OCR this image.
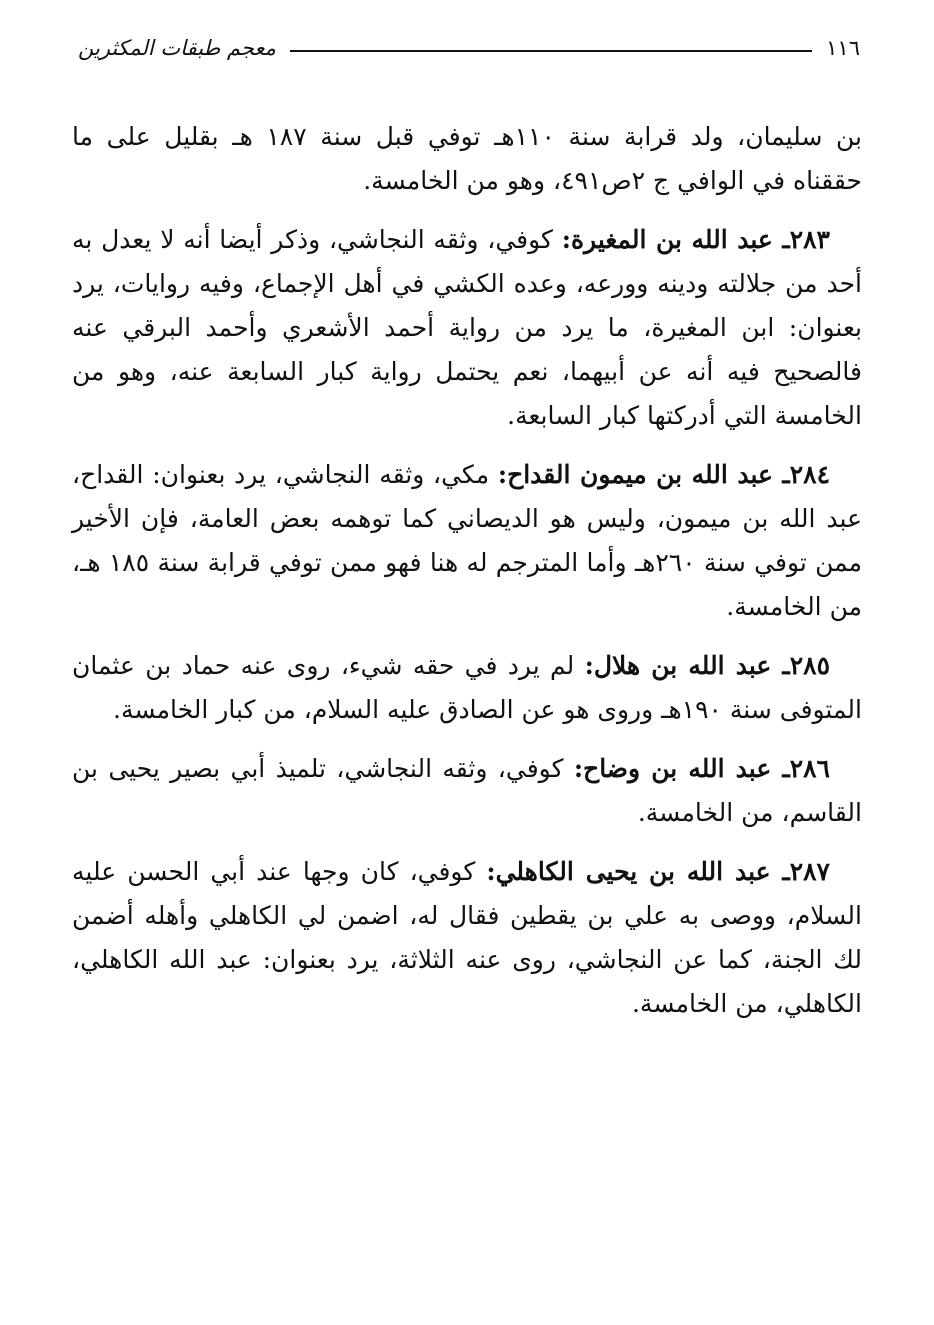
معجم طبقات المكثرين	١١٦

بن سليمان، ولد قرابة سنة ١١٠هـ توفي قبل سنة ١٨٧ هـ بقليل على ما حققناه في الوافي ج ٢ص٤٩١، وهو من الخامسة.

٢٨٣ـ عبد الله بن المغيرة: كوفي، وثقه النجاشي، وذكر أيضا أنه لا يعدل به أحد من جلالته ودينه وورعه، وعده الكشي في أهل الإجماع، وفيه روايات، يرد بعنوان: ابن المغيرة، ما يرد من رواية أحمد الأشعري وأحمد البرقي عنه فالصحيح فيه أنه عن أبيهما، نعم يحتمل رواية كبار السابعة عنه، وهو من الخامسة التي أدركتها كبار السابعة.

٢٨٤ـ عبد الله بن ميمون القداح: مكي، وثقه النجاشي، يرد بعنوان: القداح، عبد الله بن ميمون، وليس هو الديصاني كما توهمه بعض العامة، فإن الأخير ممن توفي سنة ٢٦٠هـ وأما المترجم له هنا فهو ممن توفي قرابة سنة ١٨٥ هـ، من الخامسة.

٢٨٥ـ عبد الله بن هلال: لم يرد في حقه شيء، روى عنه حماد بن عثمان المتوفى سنة ١٩٠هـ وروى هو عن الصادق عليه السلام، من كبار الخامسة.

٢٨٦ـ عبد الله بن وضاح: كوفي، وثقه النجاشي، تلميذ أبي بصير يحيى بن القاسم، من الخامسة.

٢٨٧ـ عبد الله بن يحيى الكاهلي: كوفي، كان وجها عند أبي الحسن عليه السلام، ووصى به علي بن يقطين فقال له، اضمن لي الكاهلي وأهله أضمن لك الجنة، كما عن النجاشي، روى عنه الثلاثة، يرد بعنوان: عبد الله الكاهلي، الكاهلي، من الخامسة.
